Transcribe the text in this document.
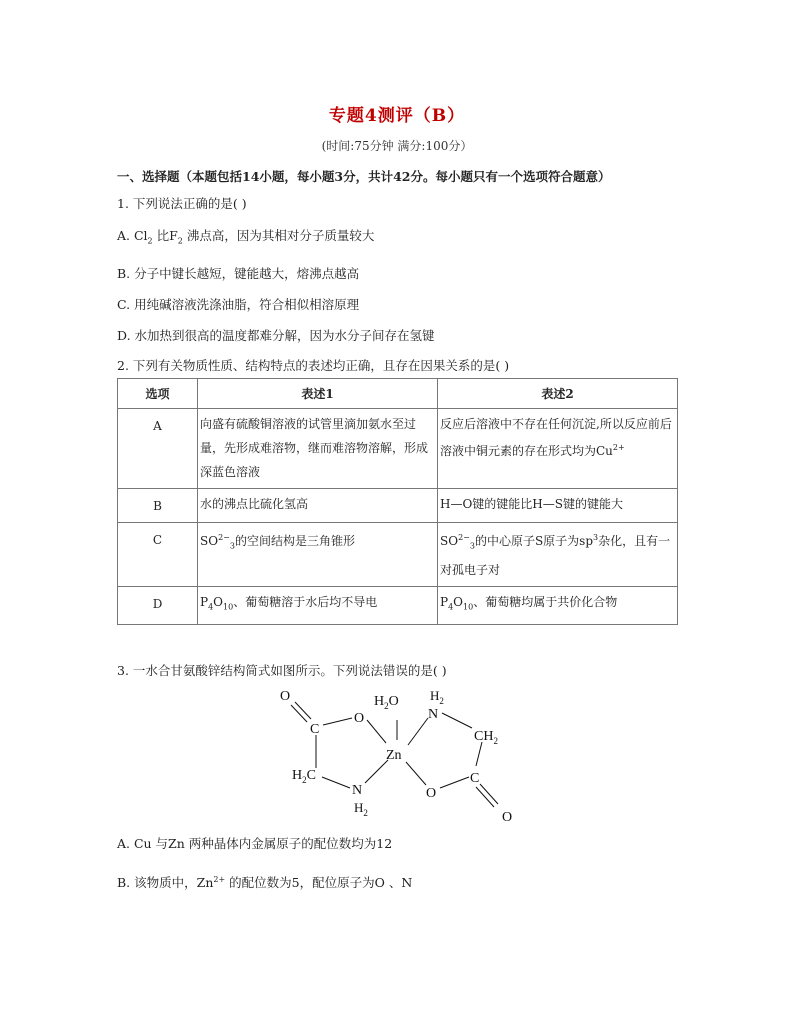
专题4测评（B）
(时间:75分钟 满分:100分）
一、选择题（本题包括14小题，每小题3分，共计42分。每小题只有一个选项符合题意）
1. 下列说法正确的是( )
A. $Cl_2$ 比$F_2$ 沸点高，因为其相对分子质量较大
B. 分子中键长越短，键能越大，熔沸点越高
C. 用纯碱溶液洗涤油脂，符合相似相溶原理
D. 水加热到很高的温度都难分解，因为水分子间存在氢键
2. 下列有关物质性质、结构特点的表述均正确，且存在因果关系的是( )
选项	表述1	表述2
A	向盛有硫酸铜溶液的试管里滴加氨水至过量，先形成难溶物，继而难溶物溶解，形成深蓝色溶液	反应后溶液中不存在任何沉淀,所以反应前后溶液中铜元素的存在形式均为$Cu^{2+}$
B	水的沸点比硫化氢高	H—O键的键能比H—S键的键能大
C	$SO^{2-}_3$的空间结构是三角锥形	$SO^{2-}_3$的中心原子S原子为$sp^3$杂化，且有一对孤电子对
D	$P_4O_{10}$、葡萄糖溶于水后均不导电	$P_4O_{10}$、葡萄糖均属于共价化合物
3. 一水合甘氨酸锌结构简式如图所示。下列说法错误的是( )
O
C
O
$H_2O$
Zn
N
$H_2$
$CH_2$
$H_2C$
N
$H_2$
O
C
O
A. Cu 与Zn 两种晶体内金属原子的配位数均为12
B. 该物质中，$Zn^{2+}$ 的配位数为5，配位原子为O 、N
